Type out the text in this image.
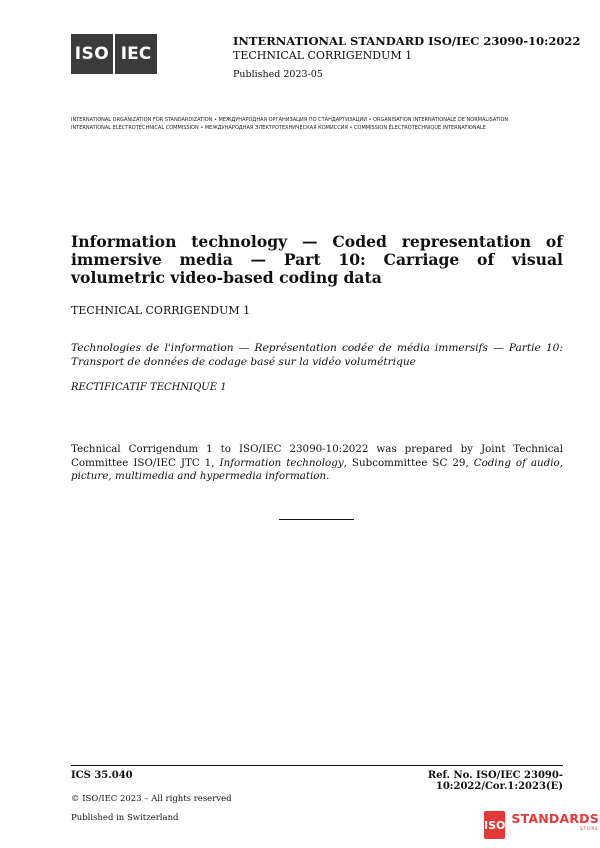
ISO IEC
INTERNATIONAL STANDARD ISO/IEC 23090-10:2022
TECHNICAL CORRIGENDUM 1
Published 2023-05
INTERNATIONAL ORGANIZATION FOR STANDARDIZATION • МЕЖДУНАРОДНАЯ ОРГАНИЗАЦИЯ ПО СТАНДАРТИЗАЦИИ • ORGANISATION INTERNATIONALE DE NORMALISATION
INTERNATIONAL ELECTROTECHNICAL COMMISSION • МЕЖДУНАРОДНАЯ ЭЛЕКТРОТЕХНИЧЕСКАЯ КОМИССИЯ • COMMISSION ÉLECTROTECHNIQUE INTERNATIONALE
Information technology — Coded representation of immersive media — Part 10: Carriage of visual volumetric video-based coding data
TECHNICAL CORRIGENDUM 1
Technologies de l'information — Représentation codée de média immersifs — Partie 10: Transport de données de codage basé sur la vidéo volumétrique
RECTIFICATIF TECHNIQUE 1
Technical Corrigendum 1 to ISO/IEC 23090-10:2022 was prepared by Joint Technical Committee ISO/IEC JTC 1, Information technology, Subcommittee SC 29, Coding of audio, picture, multimedia and hypermedia information.
ICS 35.040	Ref. No. ISO/IEC 23090-10:2022/Cor.1:2023(E)
© ISO/IEC 2023 – All rights reserved
Published in Switzerland
ISO STANDARDS
STORE
